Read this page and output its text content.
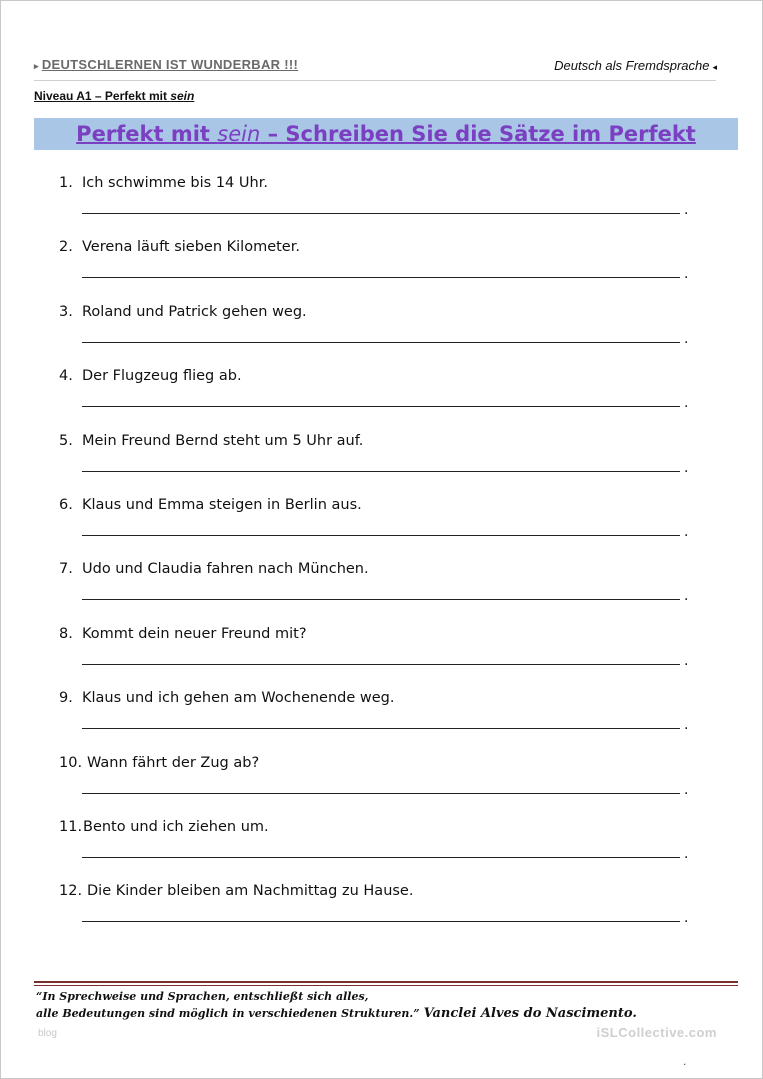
▸ DEUTSCHLERNEN IST WUNDERBAR !!!	Deutsch als Fremdsprache ◂
Niveau A1 – Perfekt mit sein
Perfekt mit sein – Schreiben Sie die Sätze im Perfekt
1. Ich schwimme bis 14 Uhr.
.
2. Verena läuft sieben Kilometer.
.
3. Roland und Patrick gehen weg.
.
4. Der Flugzeug flieg ab.
.
5. Mein Freund Bernd steht um 5 Uhr auf.
.
6. Klaus und Emma steigen in Berlin aus.
.
7. Udo und Claudia fahren nach München.
.
8. Kommt dein neuer Freund mit?
.
9. Klaus und ich gehen am Wochenende weg.
.
10. Wann fährt der Zug ab?
.
11. Bento und ich ziehen um.
.
12. Die Kinder bleiben am Nachmittag zu Hause.
.
“In Sprechweise und Sprachen, entschließt sich alles,
alle Bedeutungen sind möglich in verschiedenen Strukturen.” Vanclei Alves do Nascimento.
blog	iSLCollective.com
.
